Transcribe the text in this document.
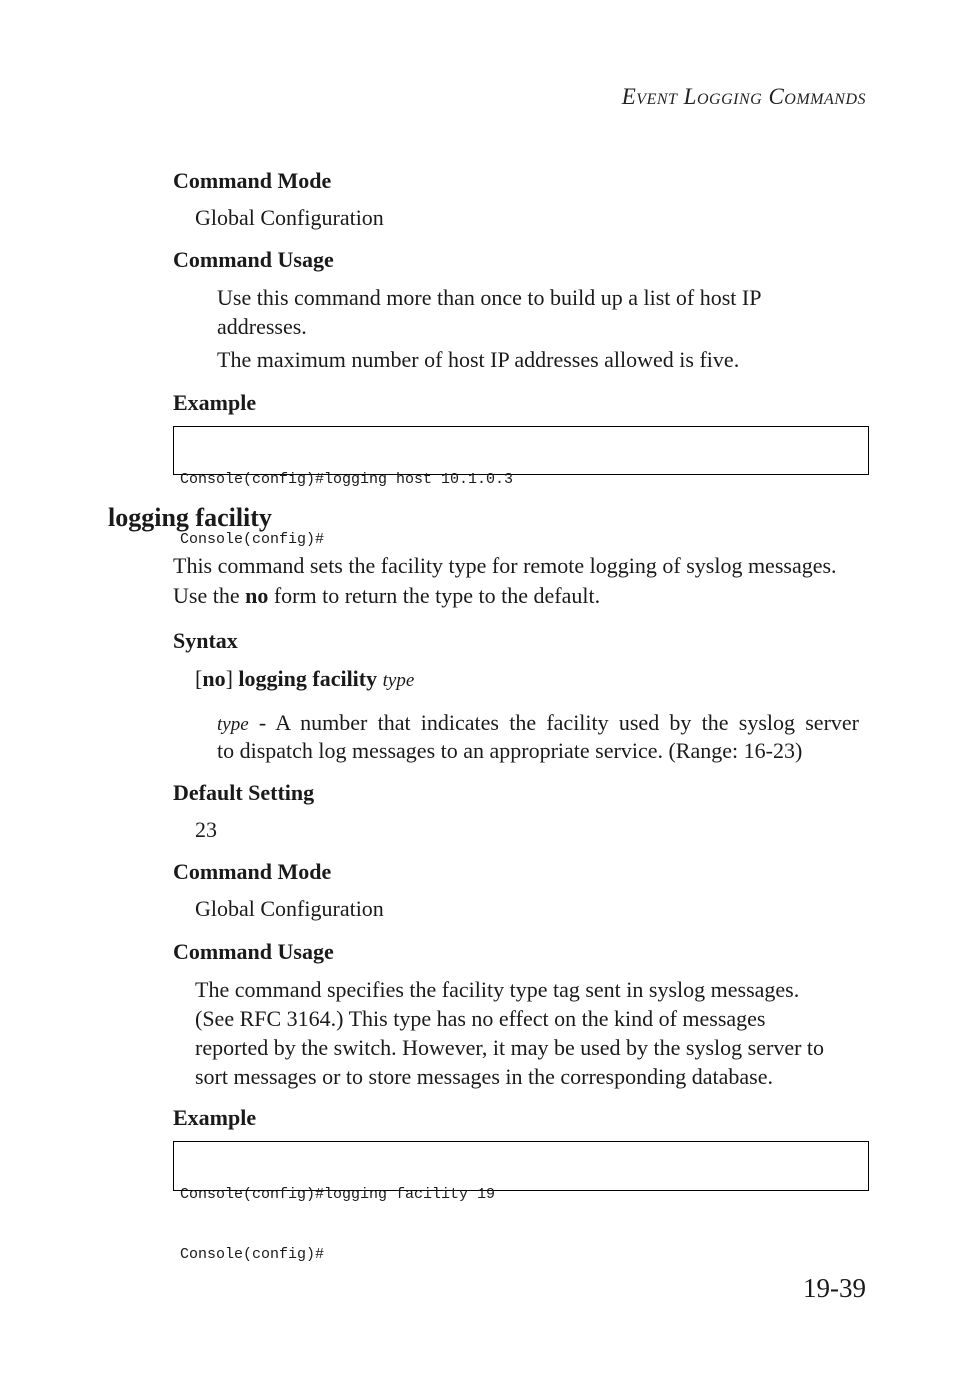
EVENT LOGGING COMMANDS
Command Mode
Global Configuration
Command Usage
Use this command more than once to build up a list of host IP
addresses.
The maximum number of host IP addresses allowed is five.
Example

Console(config)#logging host 10.1.0.3

Console(config)#

logging facility
This command sets the facility type for remote logging of syslog messages.
Use the no form to return the type to the default.
Syntax
[no] logging facility type
type - A number that indicates the facility used by the syslog server
to dispatch log messages to an appropriate service. (Range: 16-23)
Default Setting
23
Command Mode
Global Configuration
Command Usage
The command specifies the facility type tag sent in syslog messages.
(See RFC 3164.) This type has no effect on the kind of messages
reported by the switch. However, it may be used by the syslog server to
sort messages or to store messages in the corresponding database.
Example

Console(config)#logging facility 19

Console(config)#

19-39
